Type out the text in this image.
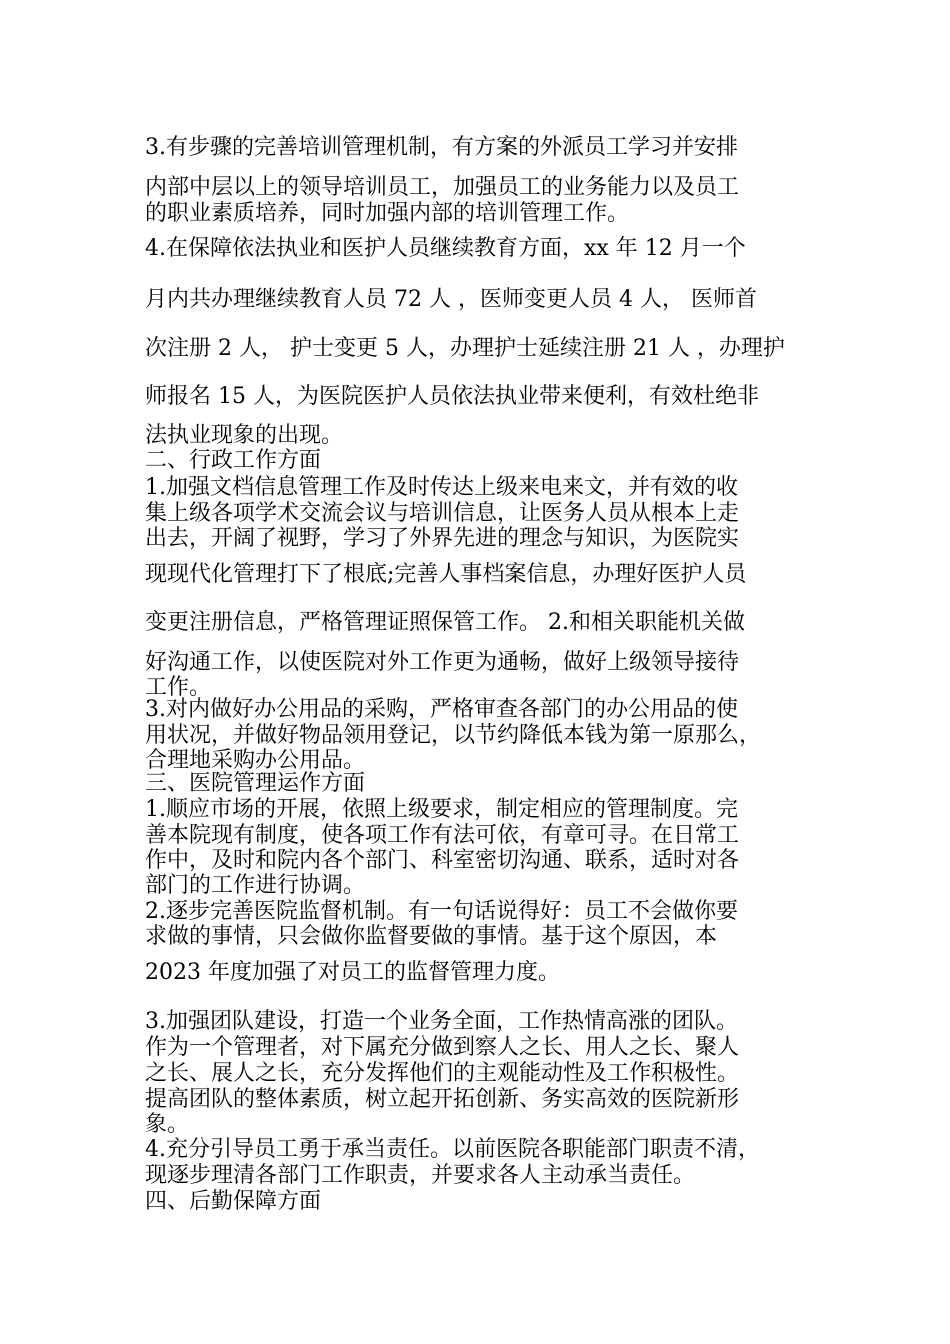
3.有步骤的完善培训管理机制，有方案的外派员工学习并安排

内部中层以上的领导培训员工，加强员工的业务能力以及员工

的职业素质培养，同时加强内部的培训管理工作。

4.在保障依法执业和医护人员继续教育方面，xx 年 12 月一个

月内共办理继续教育人员 72 人 ，医师变更人员 4 人， 医师首

次注册 2 人， 护士变更 5 人，办理护士延续注册 21 人 ，办理护

师报名 15 人，为医院医护人员依法执业带来便利，有效杜绝非

法执业现象的出现。

二、行政工作方面

1.加强文档信息管理工作及时传达上级来电来文，并有效的收

集上级各项学术交流会议与培训信息，让医务人员从根本上走

出去，开阔了视野，学习了外界先进的理念与知识，为医院实

现现代化管理打下了根底;完善人事档案信息，办理好医护人员

变更注册信息，严格管理证照保管工作。 2.和相关职能机关做

好沟通工作，以使医院对外工作更为通畅，做好上级领导接待

工作。

3.对内做好办公用品的采购，严格审查各部门的办公用品的使

用状况，并做好物品领用登记，以节约降低本钱为第一原那么，

合理地采购办公用品。

三、医院管理运作方面

1.顺应市场的开展，依照上级要求，制定相应的管理制度。完

善本院现有制度，使各项工作有法可依，有章可寻。在日常工

作中，及时和院内各个部门、科室密切沟通、联系，适时对各

部门的工作进行协调。

2.逐步完善医院监督机制。有一句话说得好：员工不会做你要

求做的事情，只会做你监督要做的事情。基于这个原因，本

2023 年度加强了对员工的监督管理力度。

3.加强团队建设，打造一个业务全面，工作热情高涨的团队。

作为一个管理者，对下属充分做到察人之长、用人之长、聚人

之长、展人之长，充分发挥他们的主观能动性及工作积极性。

提高团队的整体素质，树立起开拓创新、务实高效的医院新形

象。

4.充分引导员工勇于承当责任。以前医院各职能部门职责不清，

现逐步理清各部门工作职责，并要求各人主动承当责任。

四、后勤保障方面
